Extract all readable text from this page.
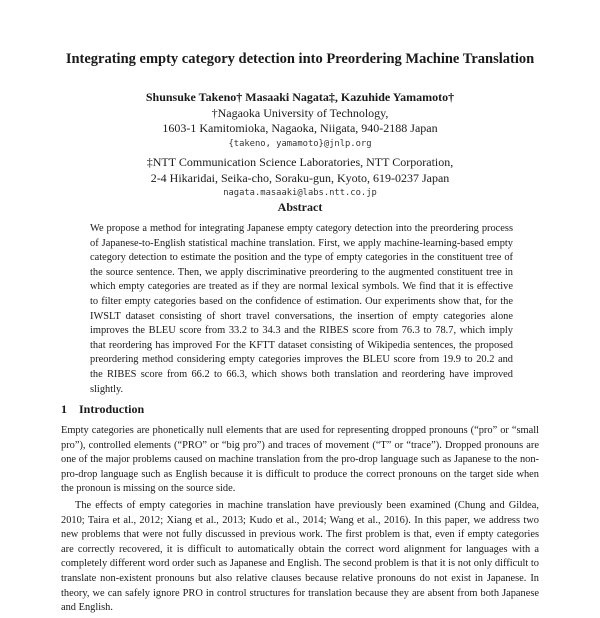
Integrating empty category detection into Preordering Machine Translation
Shunsuke Takeno† Masaaki Nagata‡, Kazuhide Yamamoto†
†Nagaoka University of Technology,
1603-1 Kamitomioka, Nagaoka, Niigata, 940-2188 Japan
{takeno, yamamoto}@jnlp.org
‡NTT Communication Science Laboratories, NTT Corporation,
2-4 Hikaridai, Seika-cho, Soraku-gun, Kyoto, 619-0237 Japan
nagata.masaaki@labs.ntt.co.jp
Abstract

We propose a method for integrating Japanese empty category detection into the preordering process of Japanese-to-English statistical machine translation. First, we apply machine-learning-based empty category detection to estimate the position and the type of empty categories in the constituent tree of the source sentence. Then, we apply discriminative preordering to the augmented constituent tree in which empty categories are treated as if they are normal lexical symbols. We find that it is effective to filter empty categories based on the confidence of estimation. Our experiments show that, for the IWSLT dataset consisting of short travel conversations, the insertion of empty categories alone improves the BLEU score from 33.2 to 34.3 and the RIBES score from 76.3 to 78.7, which imply that reordering has improved For the KFTT dataset consisting of Wikipedia sentences, the proposed preordering method considering empty categories improves the BLEU score from 19.9 to 20.2 and the RIBES score from 66.2 to 66.3, which shows both translation and reordering have improved slightly.

1 Introduction

Empty categories are phonetically null elements that are used for representing dropped pronouns (“pro” or “small pro”), controlled elements (“PRO” or “big pro”) and traces of movement (“T” or “trace”). Dropped pronouns are one of the major problems caused on machine translation from the pro-drop language such as Japanese to the non-pro-drop language such as English because it is difficult to produce the correct pronouns on the target side when the pronoun is missing on the source side.

The effects of empty categories in machine translation have previously been examined (Chung and Gildea, 2010; Taira et al., 2012; Xiang et al., 2013; Kudo et al., 2014; Wang et al., 2016). In this paper, we address two new problems that were not fully discussed in previous work. The first problem is that, even if empty categories are correctly recovered, it is difficult to automatically obtain the correct word alignment for languages with a completely different word order such as Japanese and English. The second problem is that it is not only difficult to translate non-existent pronouns but also relative clauses because relative pronouns do not exist in Japanese. In theory, we can safely ignore PRO in control structures for translation because they are absent from both Japanese and English.
